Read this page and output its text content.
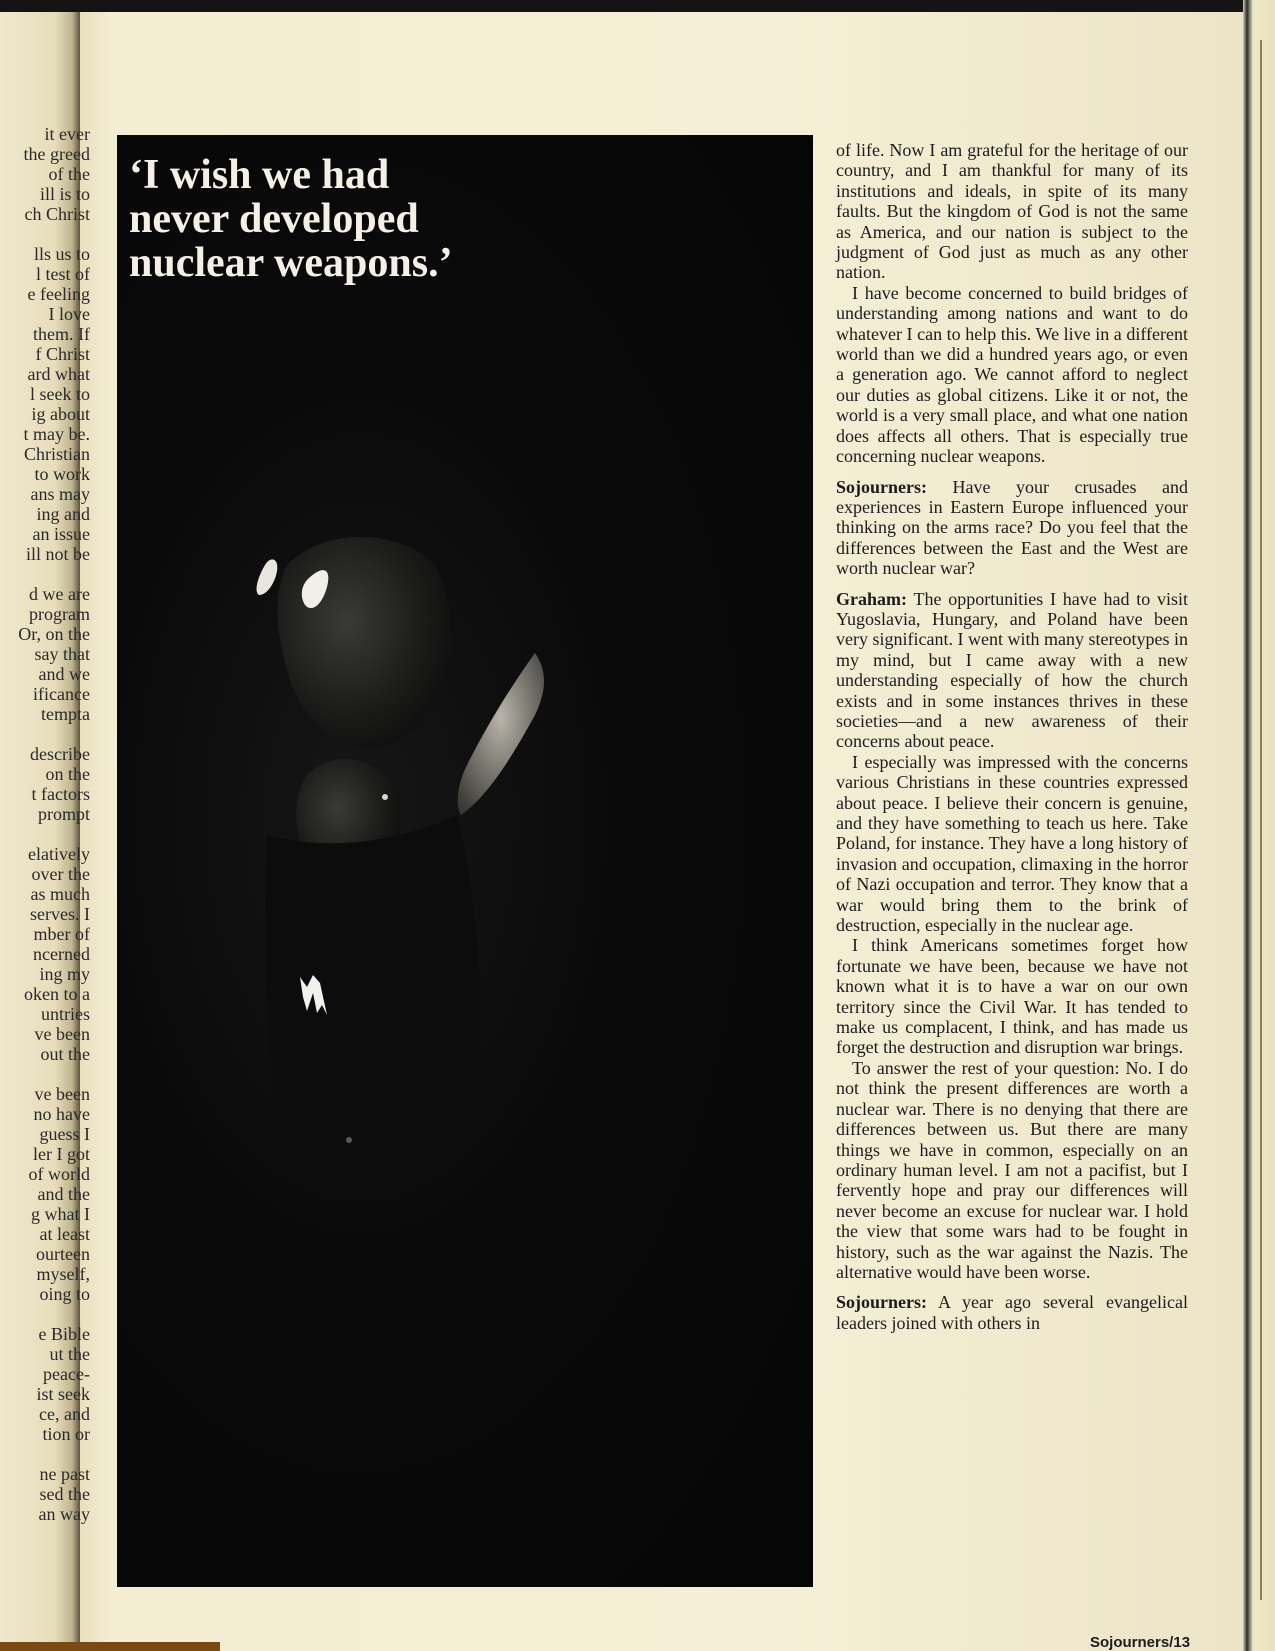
it ever
the greed
of the
ill is to
ch Christ
lls us to
l test of
e feeling
I love
them. If
f Christ
ard what
l seek to
ig about
t may be.
Christian
to work
ans may
ing and
an issue
ill not be
d we are
program
Or, on the
say that
and we
ificance
tempta
describe
on the
t factors
prompt
elatively
over the
as much
serves. I
mber of
ncerned
ing my
oken to a
untries
ve been
out the
ve been
no have
guess I
ler I got
of world
and the
g what I
at least
ourteen
myself,
oing to
e Bible
ut the
peace-
ist seek
ce, and
tion or
ne past
sed the
an way
‘I wish we had
never developed
nuclear weapons.’

of life. Now I am grateful for the heritage of our country, and I am thankful for many of its institutions and ideals, in spite of its many faults. But the kingdom of God is not the same as America, and our nation is subject to the judgment of God just as much as any other nation.

I have become concerned to build bridges of understanding among nations and want to do whatever I can to help this. We live in a different world than we did a hundred years ago, or even a generation ago. We cannot afford to neglect our duties as global citizens. Like it or not, the world is a very small place, and what one nation does affects all others. That is especially true concerning nuclear weapons.

Sojourners: Have your crusades and experiences in Eastern Europe influenced your thinking on the arms race? Do you feel that the differences between the East and the West are worth nuclear war?

Graham: The opportunities I have had to visit Yugoslavia, Hungary, and Poland have been very significant. I went with many stereotypes in my mind, but I came away with a new understanding especially of how the church exists and in some instances thrives in these societies—and a new awareness of their concerns about peace.

I especially was impressed with the concerns various Christians in these countries expressed about peace. I believe their concern is genuine, and they have something to teach us here. Take Poland, for instance. They have a long history of invasion and occupation, climaxing in the horror of Nazi occupation and terror. They know that a war would bring them to the brink of destruction, especially in the nuclear age.

I think Americans sometimes forget how fortunate we have been, because we have not known what it is to have a war on our own territory since the Civil War. It has tended to make us complacent, I think, and has made us forget the destruction and disruption war brings.

To answer the rest of your question: No. I do not think the present differences are worth a nuclear war. There is no denying that there are differences between us. But there are many things we have in common, especially on an ordinary human level. I am not a pacifist, but I fervently hope and pray our differences will never become an excuse for nuclear war. I hold the view that some wars had to be fought in history, such as the war against the Nazis. The alternative would have been worse.

Sojourners: A year ago several evangelical leaders joined with others in

Sojourners/13
